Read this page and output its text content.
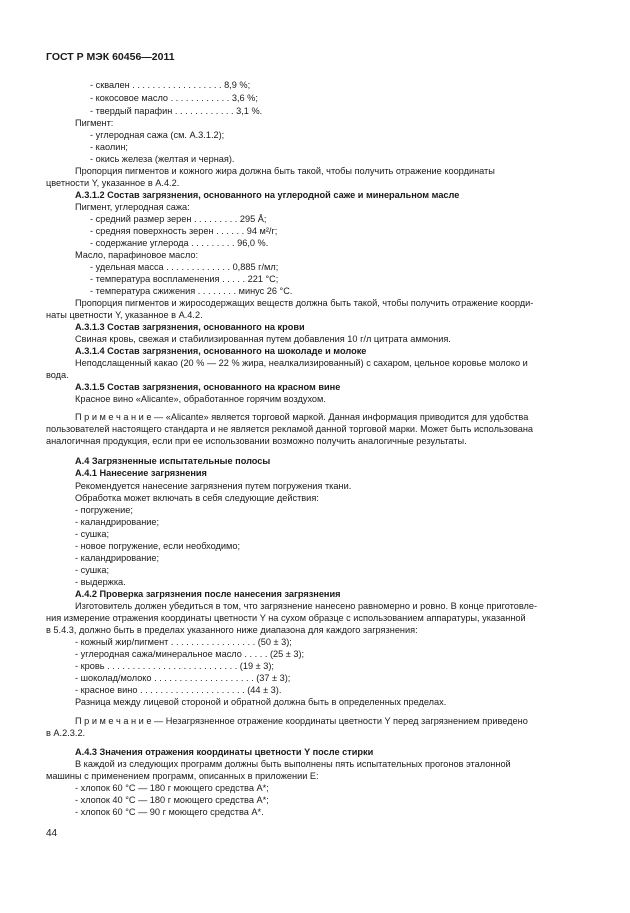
ГОСТ Р МЭК 60456—2011
- сквален . . . . . . . . . . . . . . . . . . 8,9 %;
- кокосовое масло . . . . . . . . . . . . 3,6 %;
- твердый парафин . . . . . . . . . . . . 3,1 %.
Пигмент:
- углеродная сажа (см. А.3.1.2);
- каолин;
- окись железа (желтая и черная).
Пропорция пигментов и кожного жира должна быть такой, чтобы получить отражение координаты
цветности Y, указанное в А.4.2.
А.3.1.2 Состав загрязнения, основанного на углеродной саже и минеральном масле
Пигмент, углеродная сажа:
- средний размер зерен . . . . . . . . . 295 Å;
- средняя поверхность зерен . . . . . . 94 м²/г;
- содержание углерода . . . . . . . . . 96,0 %.
Масло, парафиновое масло:
- удельная масса . . . . . . . . . . . . . 0,885 г/мл;
- температура воспламенения . . . . . 221 °С;
- температура сжижения . . . . . . . . минус 26 °С.
Пропорция пигментов и жиросодержащих веществ должна быть такой, чтобы получить отражение коорди-
наты цветности Y, указанное в А.4.2.
А.3.1.3 Состав загрязнения, основанного на крови
Свиная кровь, свежая и стабилизированная путем добавления 10 г/л цитрата аммония.
А.3.1.4 Состав загрязнения, основанного на шоколаде и молоке
Неподслащенный какао (20 % — 22 % жира, неалкализированный) с сахаром, цельное коровье молоко и
вода.
А.3.1.5 Состав загрязнения, основанного на красном вине
Красное вино «Alicante», обработанное горячим воздухом.
П р и м е ч а н и е — «Alicante» является торговой маркой. Данная информация приводится для удобства
пользователей настоящего стандарта и не является рекламой данной торговой марки. Может быть использована
аналогичная продукция, если при ее использовании возможно получить аналогичные результаты.
А.4 Загрязненные испытательные полосы
А.4.1 Нанесение загрязнения
Рекомендуется нанесение загрязнения путем погружения ткани.
Обработка может включать в себя следующие действия:
- погружение;
- каландрирование;
- сушка;
- новое погружение, если необходимо;
- каландрирование;
- сушка;
- выдержка.
А.4.2 Проверка загрязнения после нанесения загрязнения
Изготовитель должен убедиться в том, что загрязнение нанесено равномерно и ровно. В конце приготовле-
ния измерение отражения координаты цветности Y на сухом образце с использованием аппаратуры, указанной
в 5.4.3, должно быть в пределах указанного ниже диапазона для каждого загрязнения:
- кожный жир/пигмент . . . . . . . . . . . . . . . . . (50 ± 3);
- углеродная сажа/минеральное масло . . . . . (25 ± 3);
- кровь . . . . . . . . . . . . . . . . . . . . . . . . . . (19 ± 3);
- шоколад/молоко . . . . . . . . . . . . . . . . . . . . (37 ± 3);
- красное вино . . . . . . . . . . . . . . . . . . . . . (44 ± 3).
Разница между лицевой стороной и обратной должна быть в определенных пределах.
П р и м е ч а н и е — Незагрязненное отражение координаты цветности Y перед загрязнением приведено
в А.2.3.2.
А.4.3 Значения отражения координаты цветности Y после стирки
В каждой из следующих программ должны быть выполнены пять испытательных прогонов эталонной
машины с применением программ, описанных в приложении Е:
- хлопок 60 °С — 180 г моющего средства А*;
- хлопок 40 °С — 180 г моющего средства А*;
- хлопок 60 °С — 90 г моющего средства А*.
44
